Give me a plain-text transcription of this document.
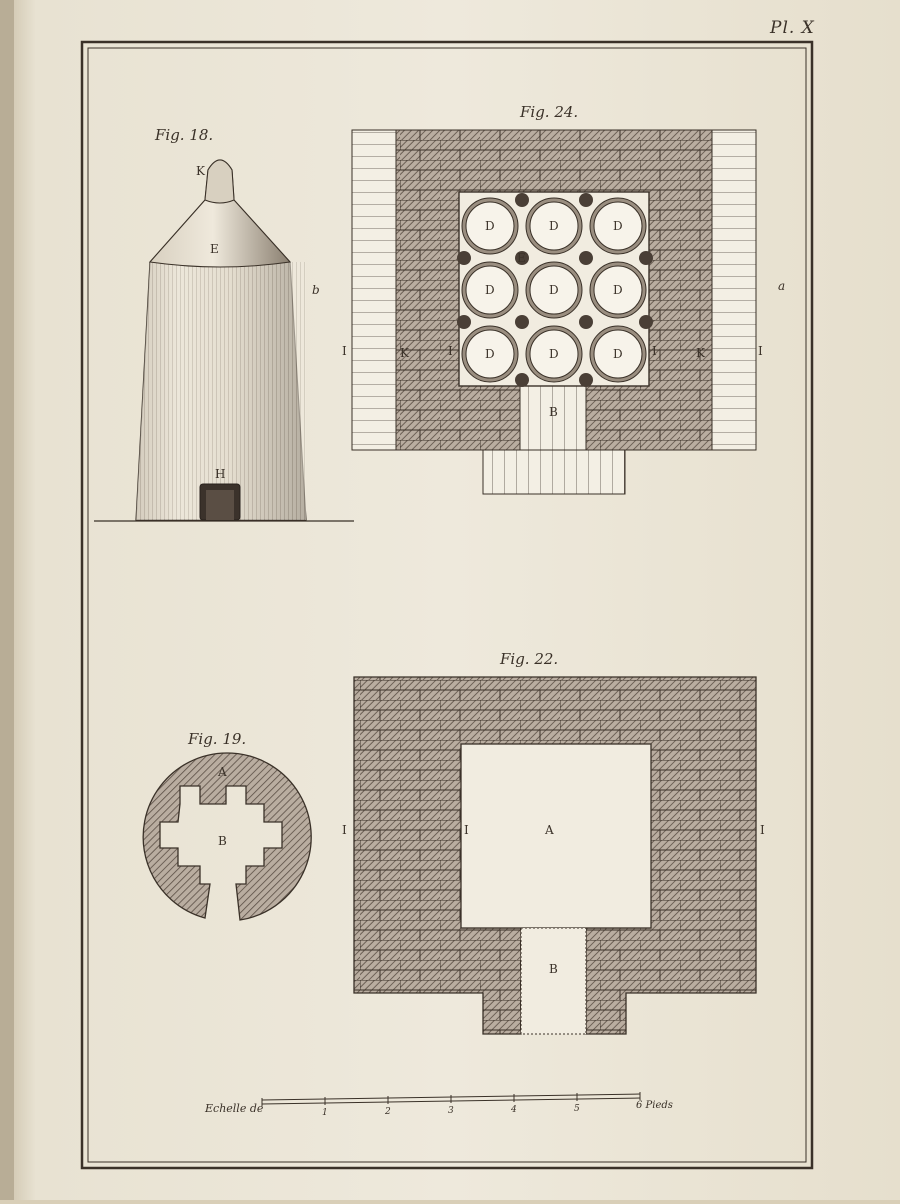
Fig. 18.
K
E
b
H
Fig. 24.
D	D	D
D	D	D
D	D	D
E
a
I	K	I	I	K	I
B
Fig. 19.
A
B
Fig. 22.
I	I	A	I
B
Echelle de	1	2	3	4	5	6 Pieds
Pl. X
